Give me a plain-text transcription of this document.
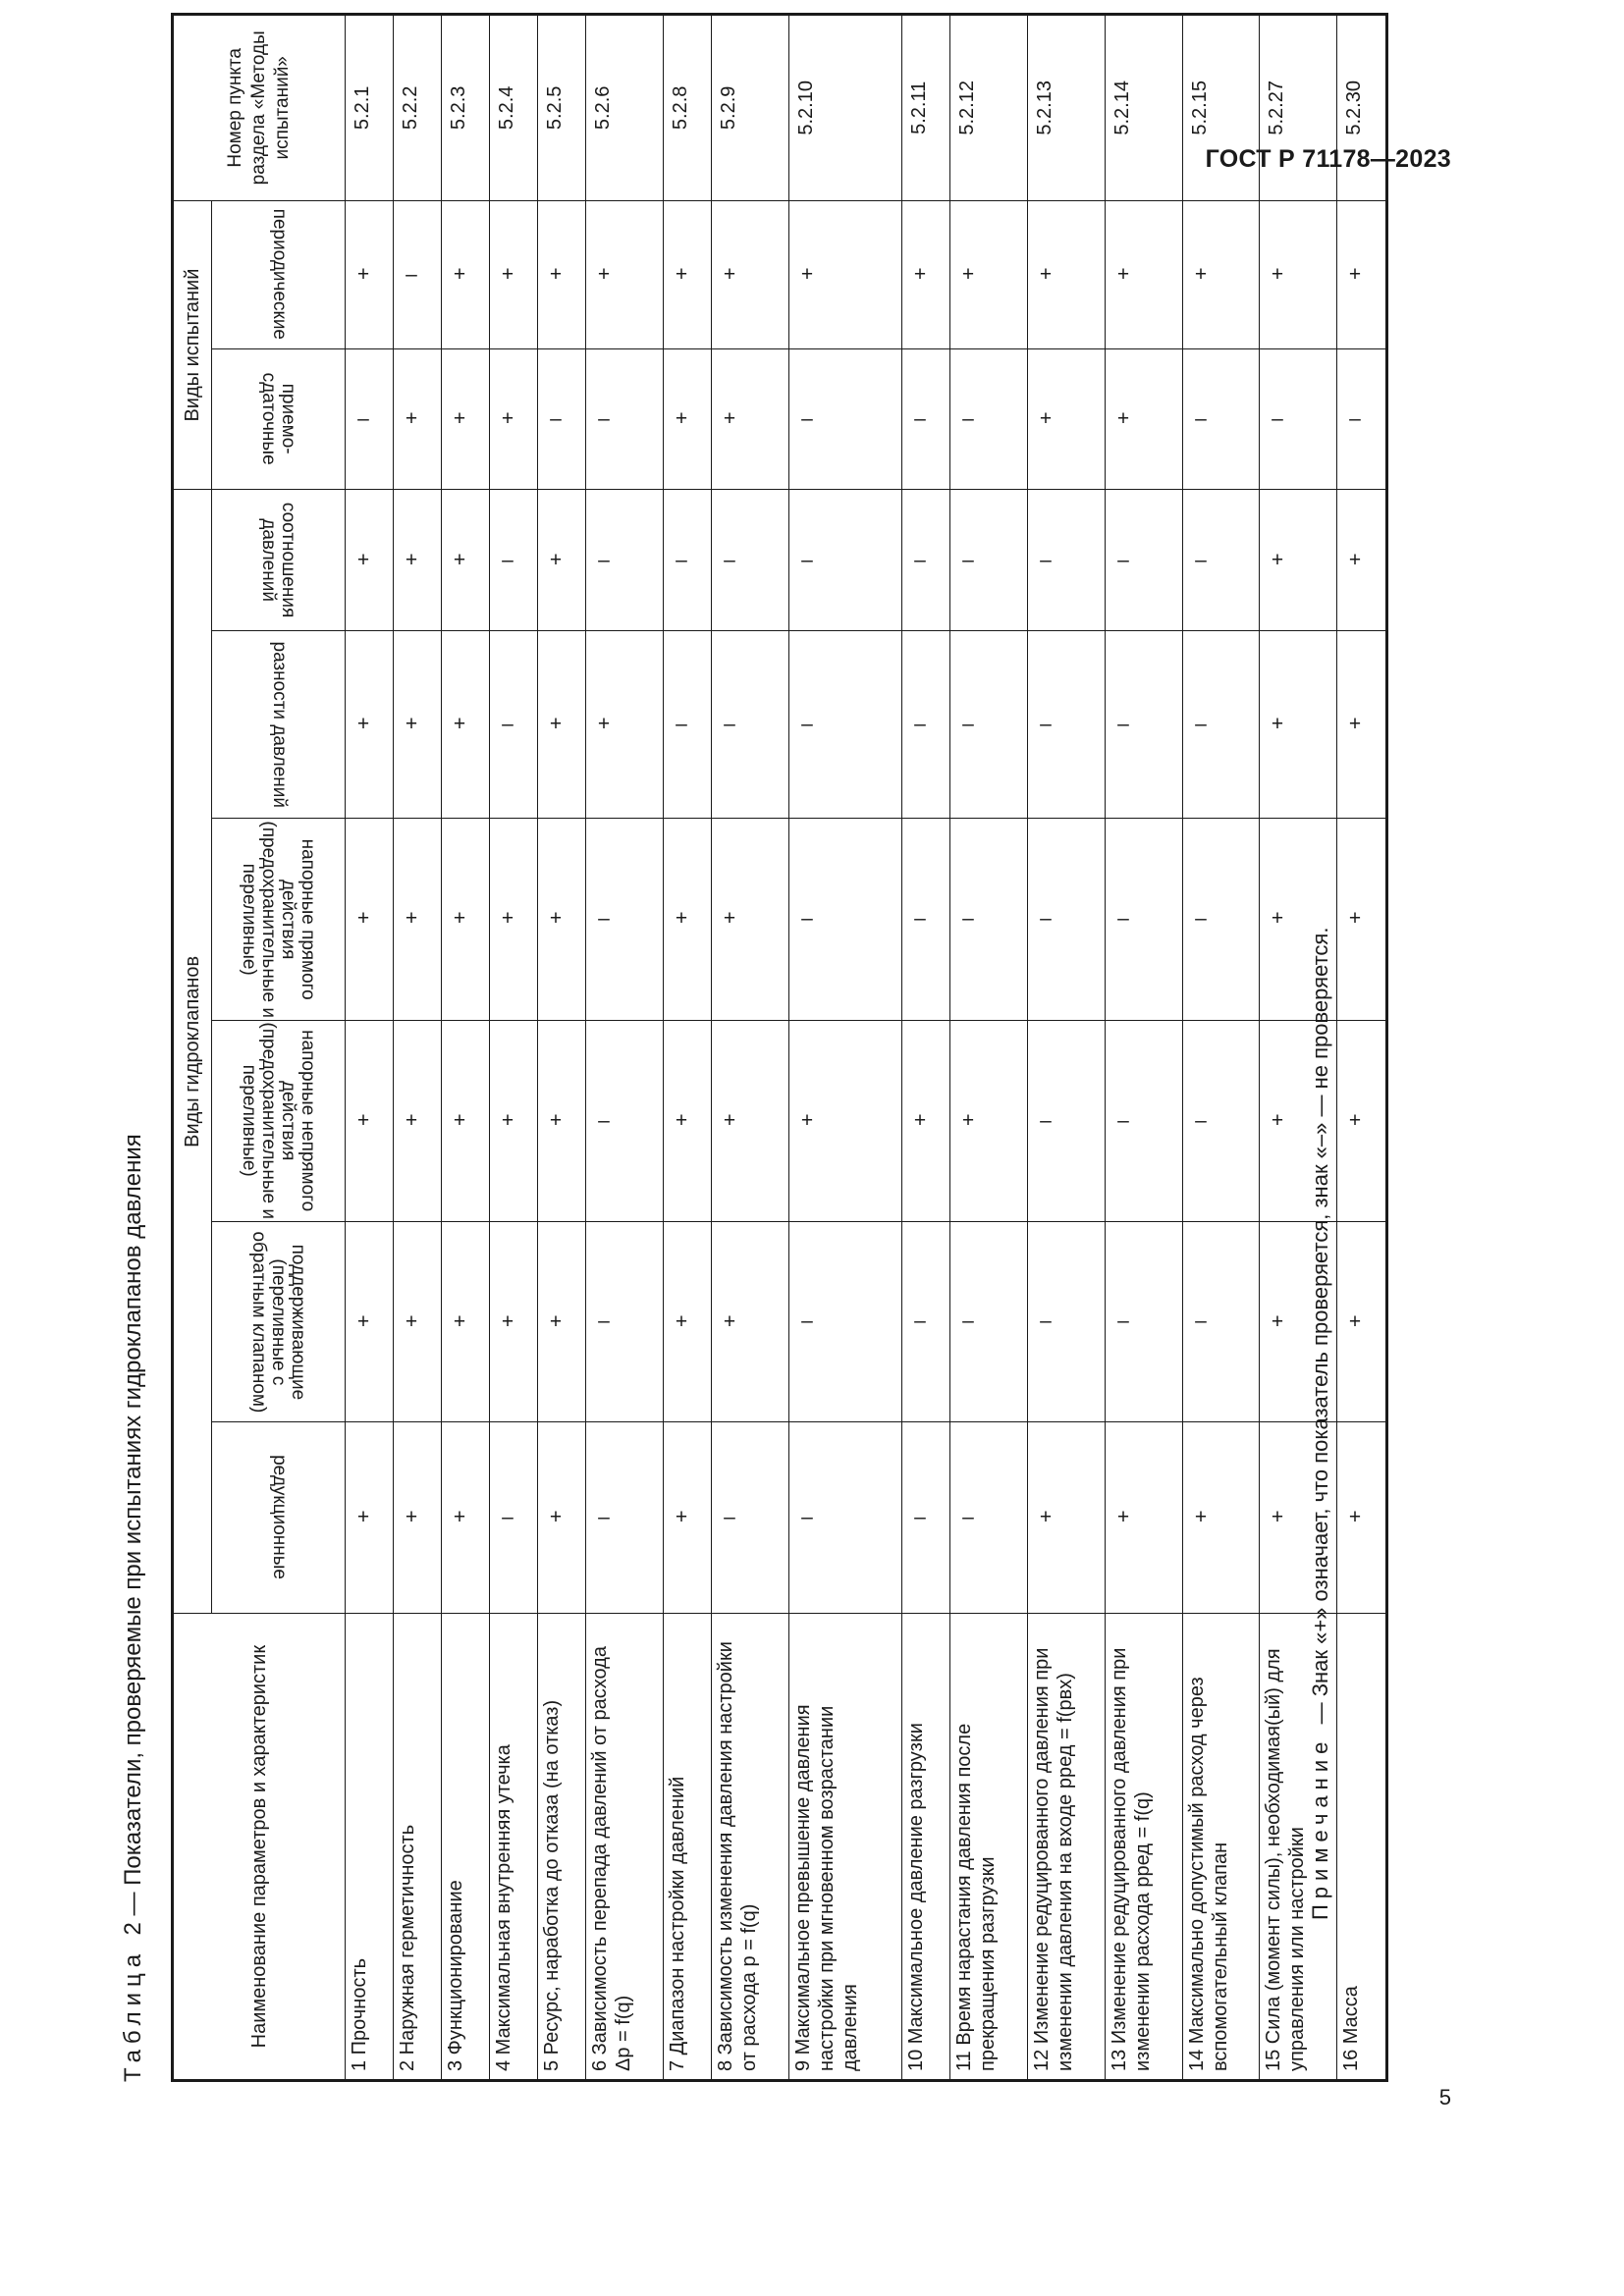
ГОСТ Р 71178—2023
Таблица  2 — Показатели, проверяемые при испытаниях гидроклапанов давления	Наименование параметров и характеристик	Виды гидроклапанов						Виды испытаний		Номер пункта раздела «Методы испытаний»
	редукционные	поддерживающие (переливные с обратным клапаном)	напорные непрямого действия (предохранительные и переливные)	напорные прямого действия (предохранительные и переливные)	разности давлений	соотношения давлений	приемо-сдаточные	периодические	
1 Прочность	+	+	+	+	+	+	–	+	5.2.1
2 Наружная герметичность	+	+	+	+	+	+	+	–	5.2.2
3 Функционирование	+	+	+	+	+	+	+	+	5.2.3
4 Максимальная внутренняя утечка	–	+	+	+	–	–	+	+	5.2.4
5 Ресурс, наработка до отказа (на отказ)	+	+	+	+	+	+	–	+	5.2.5
6 Зависимость перепада давлений от расхода Δp = f(q)	–	–	–	–	+	–	–	+	5.2.6
7 Диапазон настройки давлений	+	+	+	+	–	–	+	+	5.2.8
8 Зависимость изменения давления настройки от расхода p = f(q)	–	+	+	+	–	–	+	+	5.2.9
9 Максимальное превышение давления настройки при мгновенном возрастании давления	–	–	+	–	–	–	–	+	5.2.10
10 Максимальное давление разгрузки	–	–	+	–	–	–	–	+	5.2.11
11 Время нарастания давления после прекращения разгрузки	–	–	+	–	–	–	–	+	5.2.12
12 Изменение редуцированного давления при изменении давления на входе pред = f(pвх)	+	–	–	–	–	–	+	+	5.2.13
13 Изменение редуцированного давления при изменении расхода pред = f(q)	+	–	–	–	–	–	+	+	5.2.14
14 Максимально допустимый расход через вспомогательный клапан	+	–	–	–	–	–	–	+	5.2.15
15 Сила (момент силы), необходимая(ый) для управления или настройки	+	+	+	+	+	+	–	+	5.2.27
16 Масса	+	+	+	+	+	+	–	+	5.2.30
Примечание  — Знак «+» означает, что показатель проверяется, знак «–» — не проверяется.
5
